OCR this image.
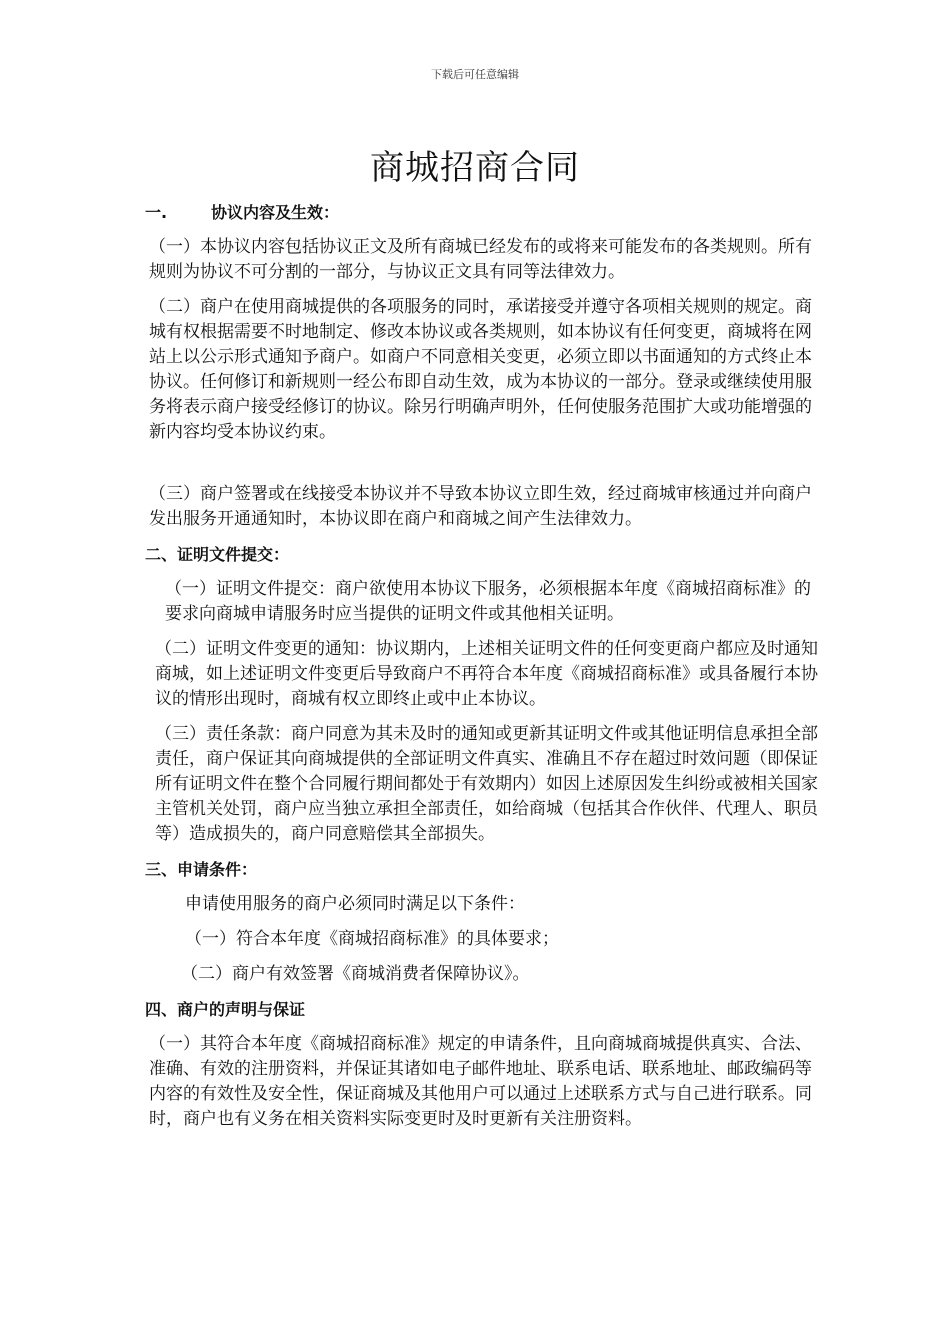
下载后可任意编辑
商城招商合同
一.	协议内容及生效：

（一）本协议内容包括协议正文及所有商城已经发布的或将来可能发布的各类规则。所有规则为协议不可分割的一部分，与协议正文具有同等法律效力。

（二）商户在使用商城提供的各项服务的同时，承诺接受并遵守各项相关规则的规定。商城有权根据需要不时地制定、修改本协议或各类规则，如本协议有任何变更，商城将在网站上以公示形式通知予商户。如商户不同意相关变更，必须立即以书面通知的方式终止本协议。任何修订和新规则一经公布即自动生效，成为本协议的一部分。登录或继续使用服务将表示商户接受经修订的协议。除另行明确声明外，任何使服务范围扩大或功能增强的新内容均受本协议约束。

（三）商户签署或在线接受本协议并不导致本协议立即生效，经过商城审核通过并向商户发出服务开通通知时，本协议即在商户和商城之间产生法律效力。

二、证明文件提交：

（一）证明文件提交：商户欲使用本协议下服务，必须根据本年度《商城招商标准》的要求向商城申请服务时应当提供的证明文件或其他相关证明。

（二）证明文件变更的通知：协议期内，上述相关证明文件的任何变更商户都应及时通知商城，如上述证明文件变更后导致商户不再符合本年度《商城招商标准》或具备履行本协议的情形出现时，商城有权立即终止或中止本协议。

（三）责任条款：商户同意为其未及时的通知或更新其证明文件或其他证明信息承担全部责任，商户保证其向商城提供的全部证明文件真实、准确且不存在超过时效问题（即保证所有证明文件在整个合同履行期间都处于有效期内）如因上述原因发生纠纷或被相关国家主管机关处罚，商户应当独立承担全部责任，如给商城（包括其合作伙伴、代理人、职员等）造成损失的，商户同意赔偿其全部损失。

三、申请条件：

申请使用服务的商户必须同时满足以下条件：

（一）符合本年度《商城招商标准》的具体要求；

（二）商户有效签署《商城消费者保障协议》。

四、商户的声明与保证

（一）其符合本年度《商城招商标准》规定的申请条件，且向商城商城提供真实、合法、准确、有效的注册资料，并保证其诸如电子邮件地址、联系电话、联系地址、邮政编码等内容的有效性及安全性，保证商城及其他用户可以通过上述联系方式与自己进行联系。同时，商户也有义务在相关资料实际变更时及时更新有关注册资料。
